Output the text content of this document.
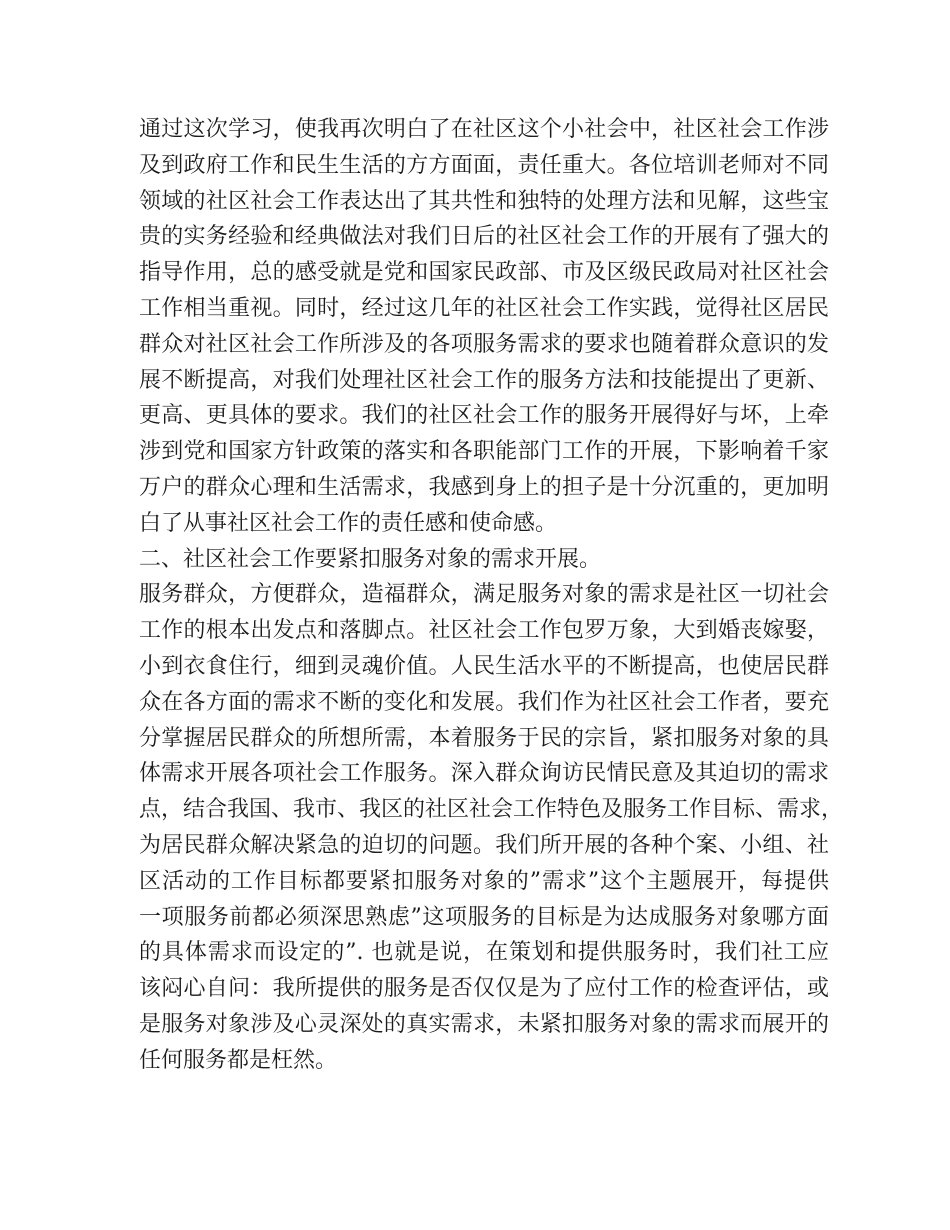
通过这次学习，使我再次明白了在社区这个小社会中，社区社会工作涉
及到政府工作和民生生活的方方面面，责任重大。各位培训老师对不同
领域的社区社会工作表达出了其共性和独特的处理方法和见解，这些宝
贵的实务经验和经典做法对我们日后的社区社会工作的开展有了强大的
指导作用，总的感受就是党和国家民政部、市及区级民政局对社区社会
工作相当重视。同时，经过这几年的社区社会工作实践，觉得社区居民
群众对社区社会工作所涉及的各项服务需求的要求也随着群众意识的发
展不断提高，对我们处理社区社会工作的服务方法和技能提出了更新、
更高、更具体的要求。我们的社区社会工作的服务开展得好与坏，上牵
涉到党和国家方针政策的落实和各职能部门工作的开展，下影响着千家
万户的群众心理和生活需求，我感到身上的担子是十分沉重的，更加明
白了从事社区社会工作的责任感和使命感。
二、社区社会工作要紧扣服务对象的需求开展。
服务群众，方便群众，造福群众，满足服务对象的需求是社区一切社会
工作的根本出发点和落脚点。社区社会工作包罗万象，大到婚丧嫁娶，
小到衣食住行，细到灵魂价值。人民生活水平的不断提高，也使居民群
众在各方面的需求不断的变化和发展。我们作为社区社会工作者，要充
分掌握居民群众的所想所需，本着服务于民的宗旨，紧扣服务对象的具
体需求开展各项社会工作服务。深入群众询访民情民意及其迫切的需求
点，结合我国、我市、我区的社区社会工作特色及服务工作目标、需求，
为居民群众解决紧急的迫切的问题。我们所开展的各种个案、小组、社
区活动的工作目标都要紧扣服务对象的”需求”这个主题展开，每提供
一项服务前都必须深思熟虑”这项服务的目标是为达成服务对象哪方面
的具体需求而设定的”. 也就是说，在策划和提供服务时，我们社工应
该闷心自问：我所提供的服务是否仅仅是为了应付工作的检查评估，或
是服务对象涉及心灵深处的真实需求，未紧扣服务对象的需求而展开的
任何服务都是枉然。
